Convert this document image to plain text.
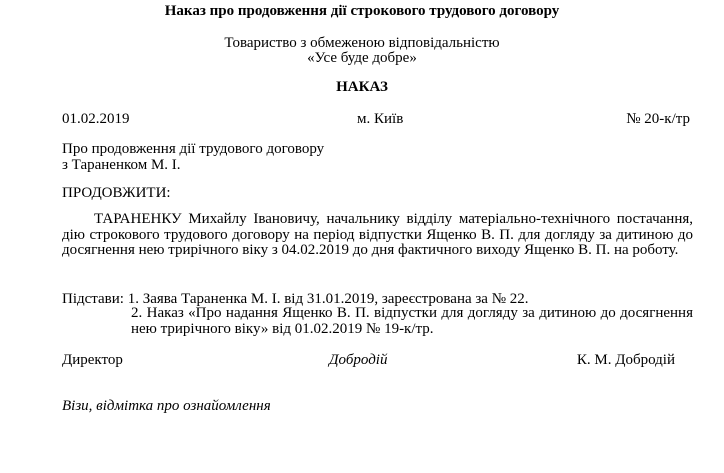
Наказ про продовження дії строкового трудового договору
Товариство з обмеженою відповідальністю
«Усе буде добре»
НАКАЗ
01.02.2019	м. Київ	№ 20-к/тр
Про продовження дії трудового договору
з Тараненком М. І.
ПРОДОВЖИТИ:
ТАРАНЕНКУ Михайлу Івановичу, начальнику відділу матеріально-технічного постачання, дію строкового трудового договору на період відпустки Ященко В. П. для догляду за дитиною до досягнення нею трирічного віку з 04.02.2019 до дня фактичного виходу Ященко В. П. на роботу.
Підстави: 1. Заява Тараненка М. І. від 31.01.2019, зареєстрована за № 22.
2. Наказ «Про надання Ященко В. П. відпустки для догляду за дитиною до досягнення нею трирічного віку» від 01.02.2019 № 19-к/тр.
Директор	Добродій	К. М. Добродій
Візи, відмітка про ознайомлення
